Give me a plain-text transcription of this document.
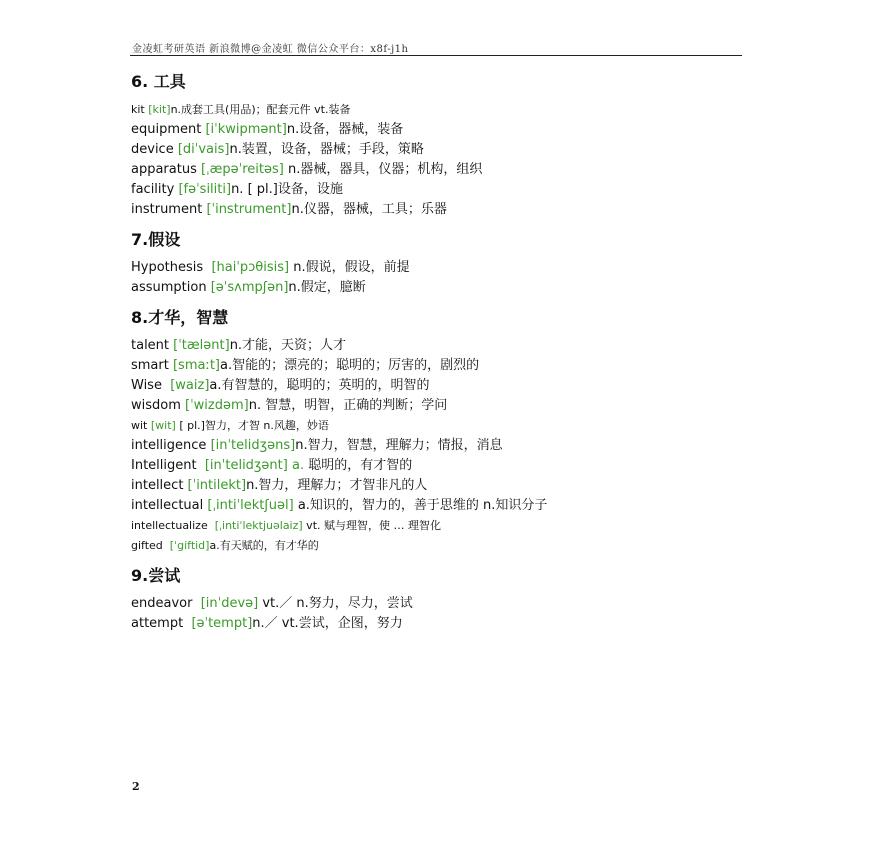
金凌虹考研英语 新浪微博@金凌虹 微信公众平台：x8f-j1h
6. 工具
kit [kit]n.成套工具(用品)；配套元件 vt.装备
equipment [iˈkwipmənt]n.设备，器械，装备
device [diˈvais]n.装置，设备，器械；手段，策略
apparatus [ˌæpəˈreitəs] n.器械，器具，仪器；机构，组织
facility [fəˈsiliti]n. [ pl.]设备，设施
instrument [ˈinstrument]n.仪器，器械，工具；乐器
7.假设
Hypothesis  [haiˈpɔθisis] n.假说，假设，前提
assumption [əˈsʌmpʃən]n.假定，臆断
8.才华，智慧
talent [ˈtælənt]n.才能，天资；人才
smart [smaːt]a.智能的；漂亮的；聪明的；厉害的，剧烈的
Wise  [waiz]a.有智慧的，聪明的；英明的，明智的
wisdom [ˈwizdəm]n. 智慧，明智，正确的判断；学问
wit [wit] [ pl.]智力，才智 n.风趣，妙语
intelligence [inˈtelidʒəns]n.智力，智慧，理解力；情报，消息
Intelligent  [inˈtelidʒənt] a. 聪明的，有才智的
intellect [ˈintilekt]n.智力，理解力；才智非凡的人
intellectual [ˌintiˈlektʃuəl] a.知识的，智力的，善于思维的 n.知识分子
intellectualize  [ˌintiˈlektjuəlaiz] vt. 赋与理智，使 … 理智化
gifted  [ˈgiftid]a.有天赋的，有才华的
9.尝试
endeavor  [inˈdevə] vt.／ n.努力，尽力，尝试
attempt  [əˈtempt]n.／ vt.尝试，企图，努力
2
